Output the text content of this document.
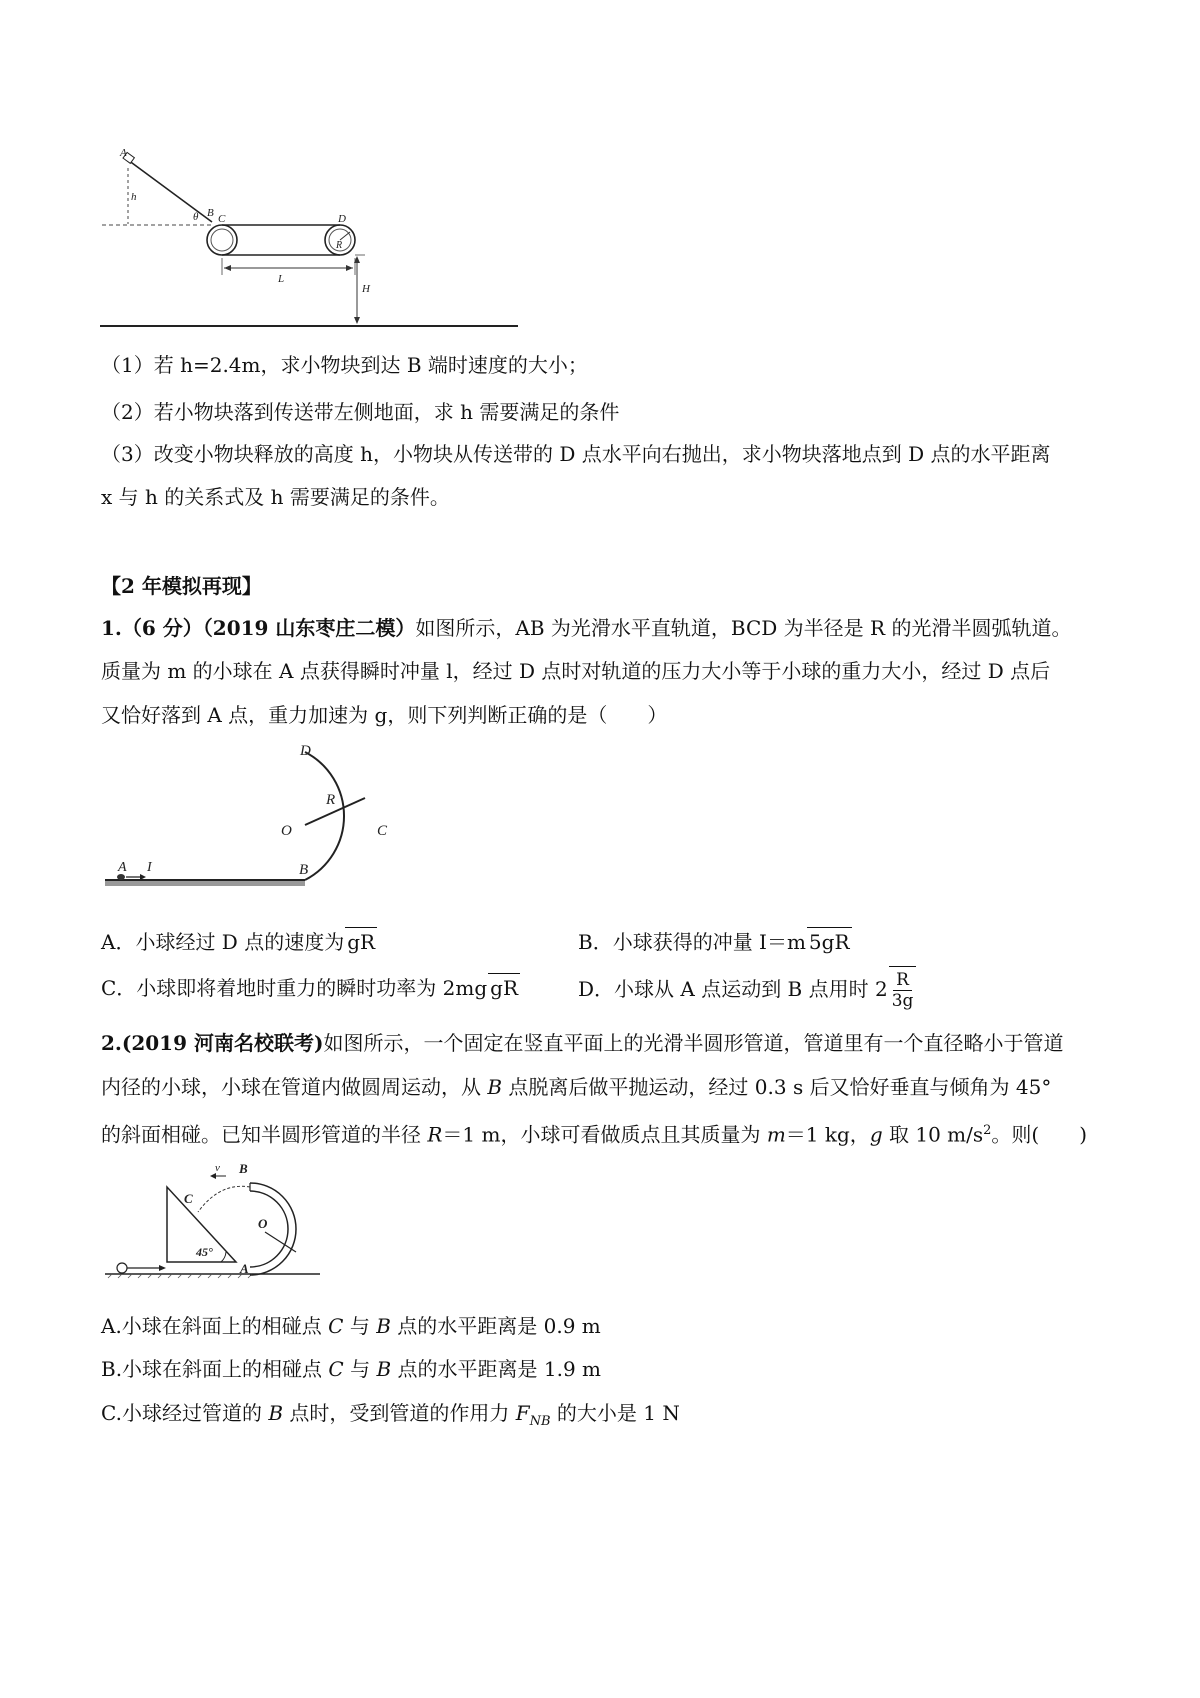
A
h
θ B C	D
R
L
H
（1）若 h=2.4m，求小物块到达 B 端时速度的大小；
（2）若小物块落到传送带左侧地面，求 h 需要满足的条件
（3）改变小物块释放的高度 h，小物块从传送带的 D 点水平向右抛出，求小物块落地点到 D 点的水平距离
x 与 h 的关系式及 h 需要满足的条件。
【2 年模拟再现】
1.（6 分）（2019 山东枣庄二模）如图所示，AB 为光滑水平直轨道，BCD 为半径是 R 的光滑半圆弧轨道。
质量为 m 的小球在 A 点获得瞬时冲量 l，经过 D 点时对轨道的压力大小等于小球的重力大小，经过 D 点后
又恰好落到 A 点，重力加速为 g，则下列判断正确的是（　　）
D
R
O	C
A I	B
A．小球经过 D 点的速度为 gR	B．小球获得的冲量 I＝m 5gR
C．小球即将着地时重力的瞬时功率为 2mg gR	D．小球从 A 点运动到 B 点用时 $2 \frac{R}{3g}$
2.(2019 河南名校联考)如图所示，一个固定在竖直平面上的光滑半圆形管道，管道里有一个直径略小于管道
内径的小球，小球在管道内做圆周运动，从 B 点脱离后做平抛运动，经过 0.3 s 后又恰好垂直与倾角为 45°
的斜面相碰。已知半圆形管道的半径 R＝1 m，小球可看做质点且其质量为 m＝1 kg，g 取 10 $m/s^2$。则(　　)
v B
C
O
45°
A
A.小球在斜面上的相碰点 C 与 B 点的水平距离是 0.9 m
B.小球在斜面上的相碰点 C 与 B 点的水平距离是 1.9 m
C.小球经过管道的 B 点时，受到管道的作用力 $F_{NB}$ 的大小是 1 N
